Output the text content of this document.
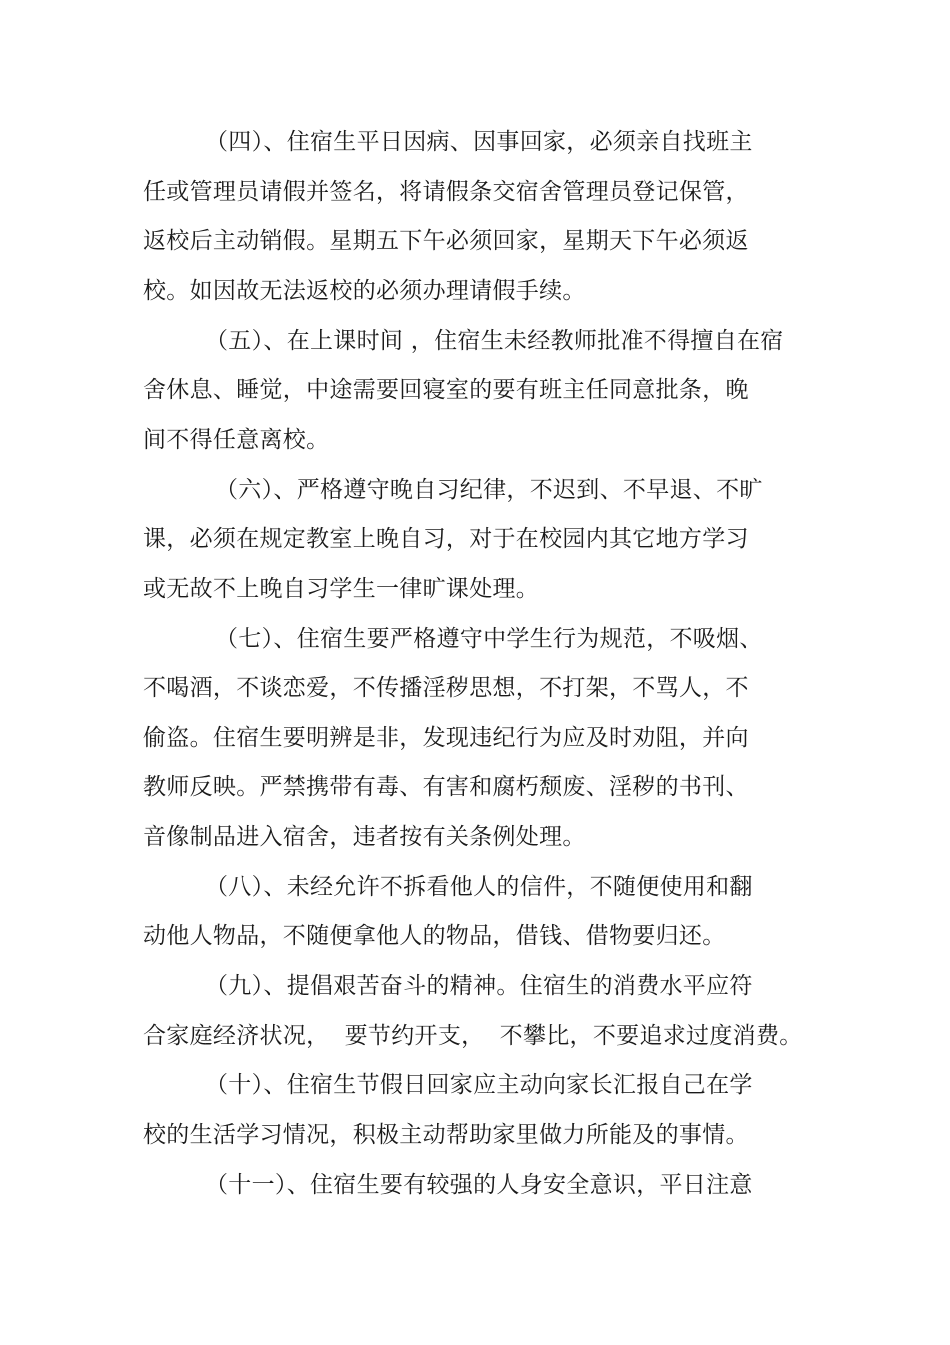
（四）、住宿生平日因病、因事回家，必须亲自找班主

任或管理员请假并签名，将请假条交宿舍管理员登记保管，

返校后主动销假。星期五下午必须回家，星期天下午必须返

校。如因故无法返校的必须办理请假手续。

（五）、在上课时间 ，住宿生未经教师批准不得擅自在宿

舍休息、睡觉，中途需要回寝室的要有班主任同意批条，晚

间不得任意离校。

（六）、严格遵守晚自习纪律，不迟到、不早退、不旷

课，必须在规定教室上晚自习，对于在校园内其它地方学习

或无故不上晚自习学生一律旷课处理。

（七）、住宿生要严格遵守中学生行为规范，不吸烟、

不喝酒，不谈恋爱，不传播淫秽思想，不打架，不骂人，不

偷盗。住宿生要明辨是非，发现违纪行为应及时劝阻，并向

教师反映。严禁携带有毒、有害和腐朽颓废、淫秽的书刊、

音像制品进入宿舍，违者按有关条例处理。

（八）、未经允许不拆看他人的信件，不随便使用和翻

动他人物品，不随便拿他人的物品，借钱、借物要归还。

（九）、提倡艰苦奋斗的精神。住宿生的消费水平应符

合家庭经济状况，  要节约开支，  不攀比，不要追求过度消费。

（十）、住宿生节假日回家应主动向家长汇报自己在学

校的生活学习情况，积极主动帮助家里做力所能及的事情。

（十一）、住宿生要有较强的人身安全意识，平日注意
